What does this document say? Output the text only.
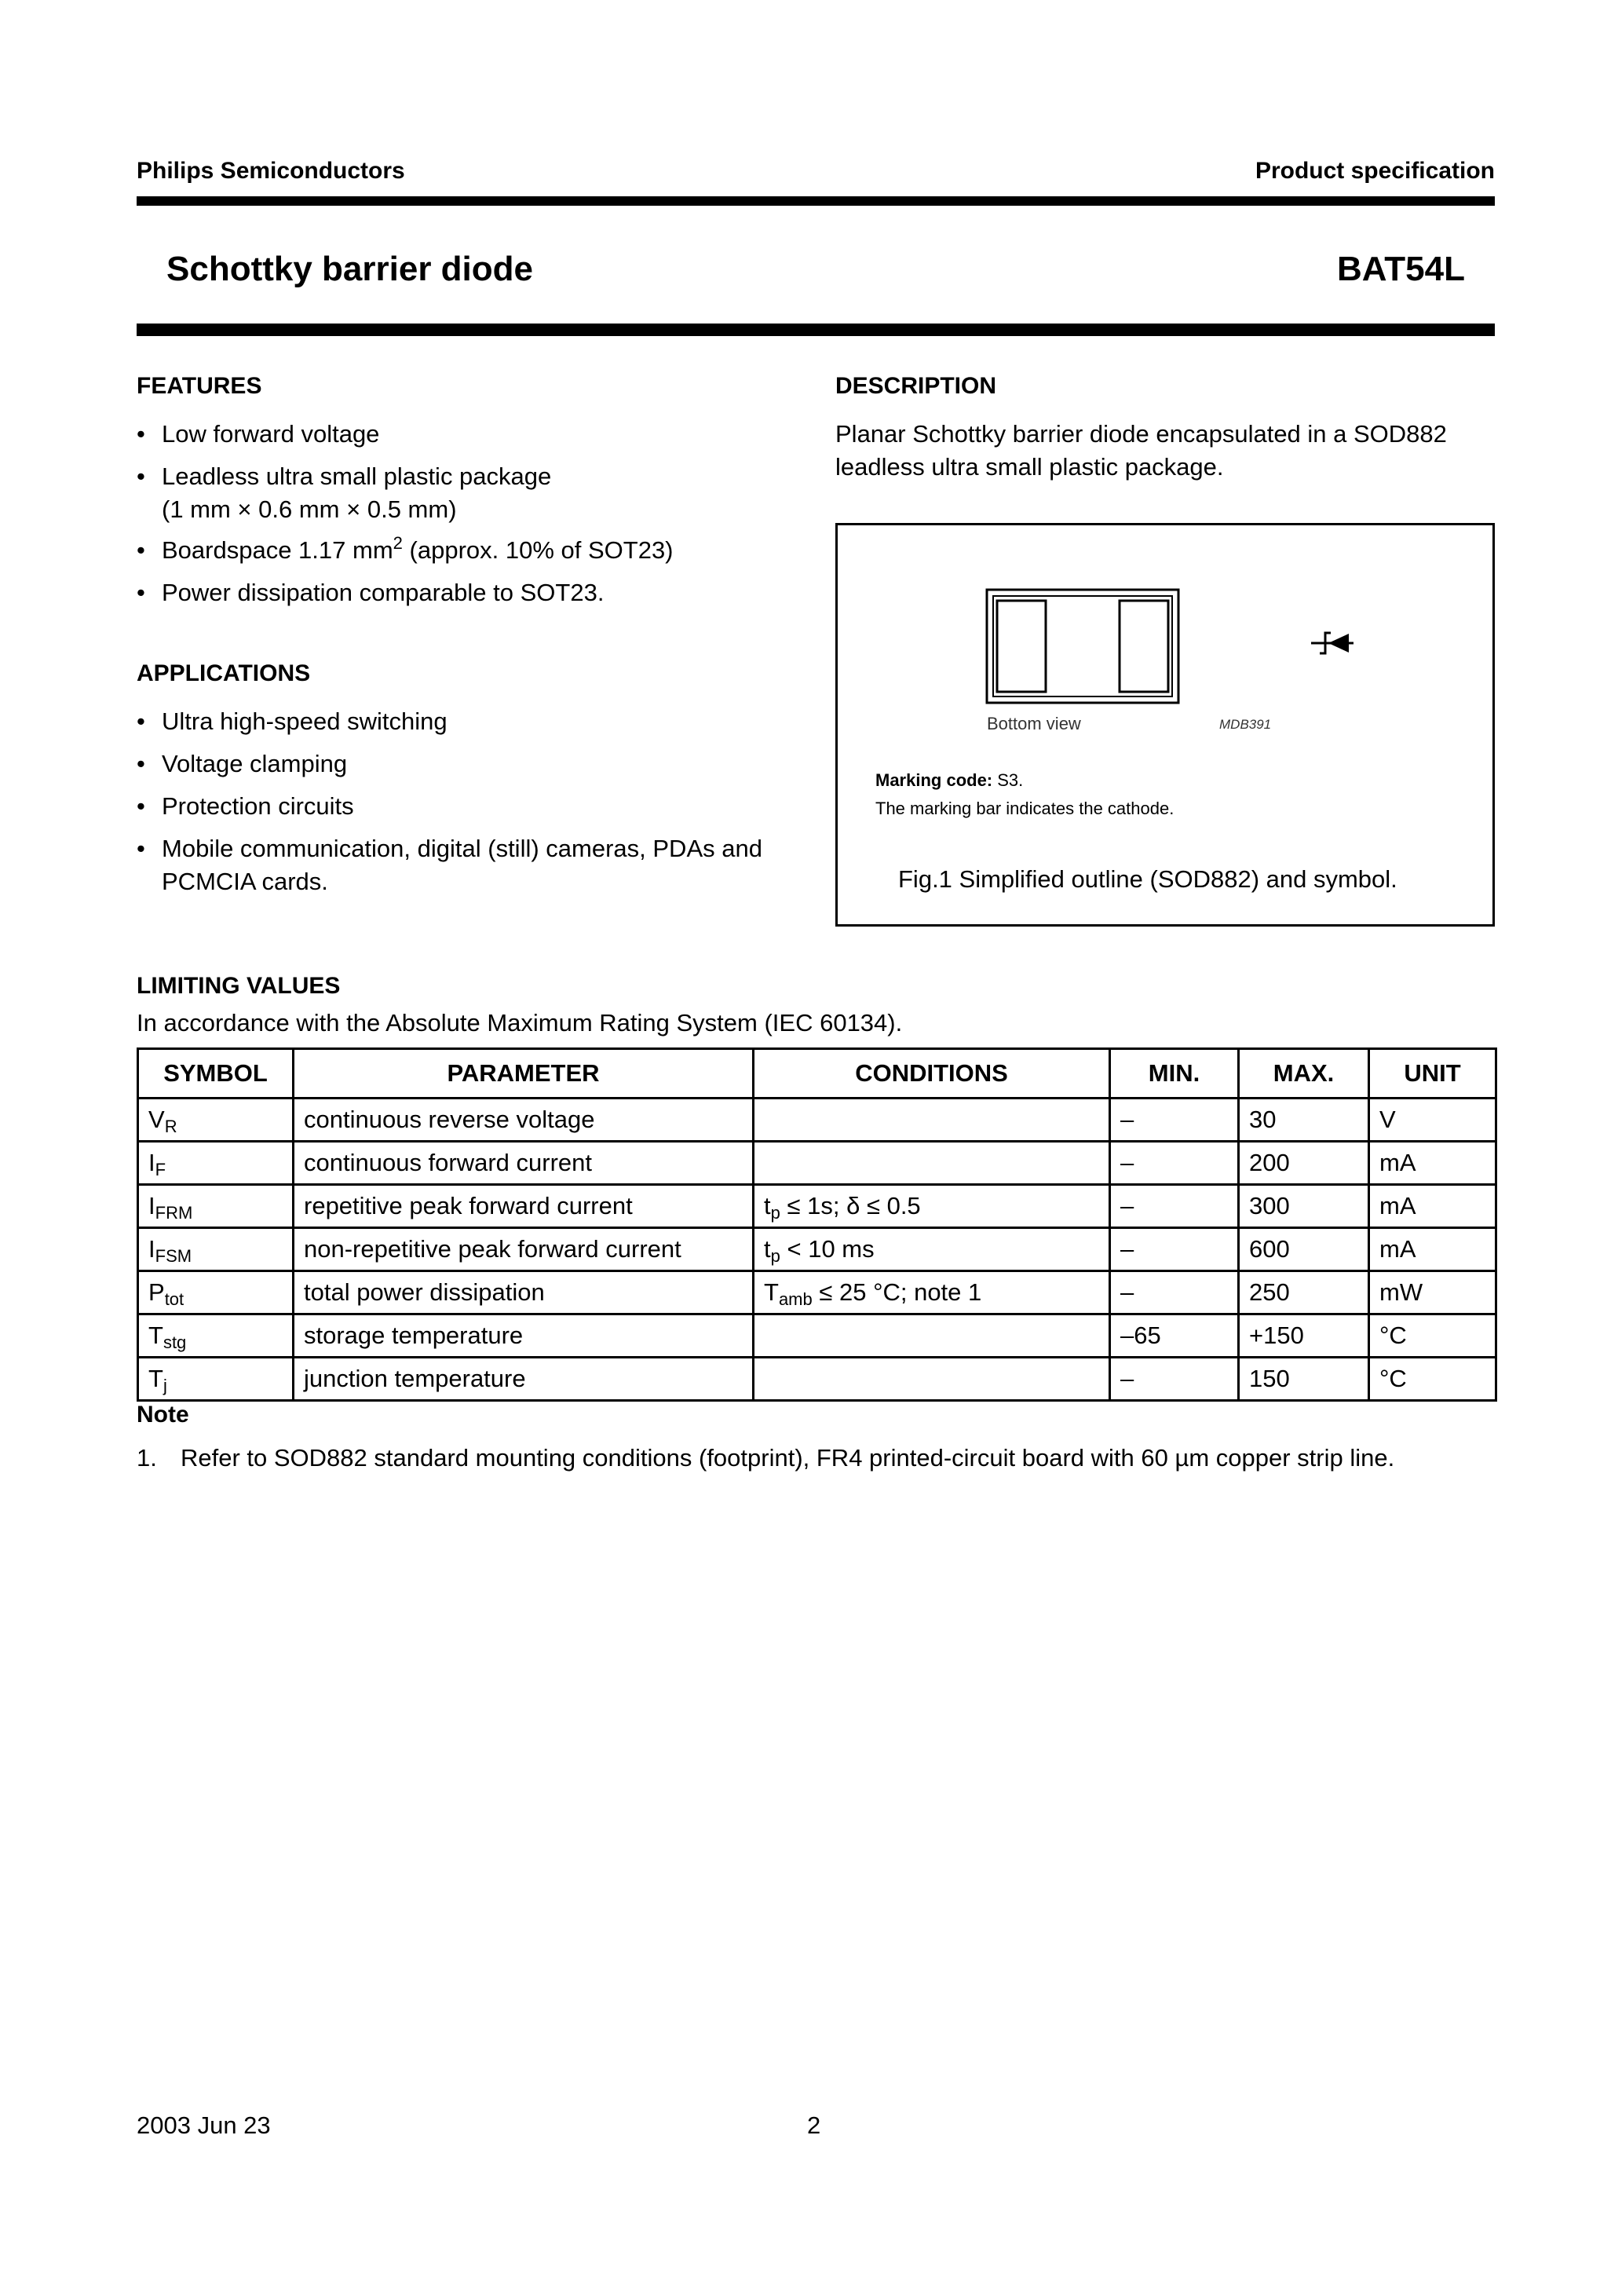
Philips Semiconductors	Product specification
Schottky barrier diode	BAT54L
FEATURES
• Low forward voltage
• Leadless ultra small plastic package
(1 mm × 0.6 mm × 0.5 mm)
• Boardspace 1.17 $mm^2$ (approx. 10% of SOT23)
• Power dissipation comparable to SOT23.
APPLICATIONS
• Ultra high-speed switching
• Voltage clamping
• Protection circuits
• Mobile communication, digital (still) cameras, PDAs and PCMCIA cards.
DESCRIPTION
Planar Schottky barrier diode encapsulated in a SOD882 leadless ultra small plastic package.
Bottom view	MDB391
Marking code: S3.
The marking bar indicates the cathode.
Fig.1 Simplified outline (SOD882) and symbol.
LIMITING VALUES
In accordance with the Absolute Maximum Rating System (IEC 60134).
SYMBOL	PARAMETER	CONDITIONS	MIN.	MAX.	UNIT
$V_R$	continuous reverse voltage		–	30	V
$I_F$	continuous forward current		–	200	mA
$I_{FRM}$	repetitive peak forward current	$t_p \le 1s$; δ ≤ 0.5	–	300	mA
$I_{FSM}$	non-repetitive peak forward current	$t_p < 10$ ms	–	600	mA
$P_{tot}$	total power dissipation	$T_{amb} \le 25$ °C; note 1	–	250	mW
$T_{stg}$	storage temperature		–65	+150	°C
$T_j$	junction temperature		–	150	°C
Note
1. Refer to SOD882 standard mounting conditions (footprint), FR4 printed-circuit board with 60 µm copper strip line.
2003 Jun 23	2
